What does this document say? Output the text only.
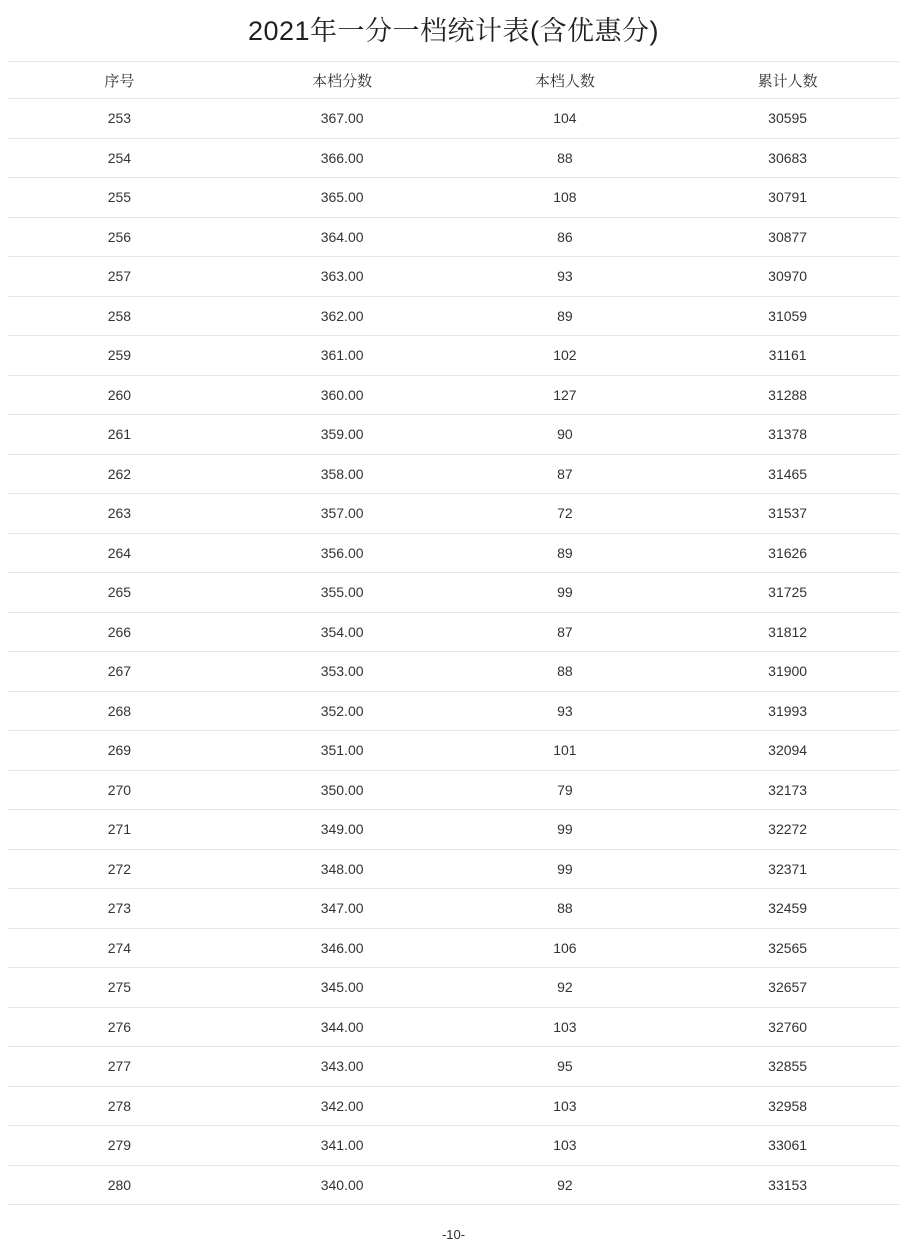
2021年一分一档统计表(含优惠分)
序号	本档分数	本档人数	累计人数
253	367.00	104	30595
254	366.00	88	30683
255	365.00	108	30791
256	364.00	86	30877
257	363.00	93	30970
258	362.00	89	31059
259	361.00	102	31161
260	360.00	127	31288
261	359.00	90	31378
262	358.00	87	31465
263	357.00	72	31537
264	356.00	89	31626
265	355.00	99	31725
266	354.00	87	31812
267	353.00	88	31900
268	352.00	93	31993
269	351.00	101	32094
270	350.00	79	32173
271	349.00	99	32272
272	348.00	99	32371
273	347.00	88	32459
274	346.00	106	32565
275	345.00	92	32657
276	344.00	103	32760
277	343.00	95	32855
278	342.00	103	32958
279	341.00	103	33061
280	340.00	92	33153
-10-
